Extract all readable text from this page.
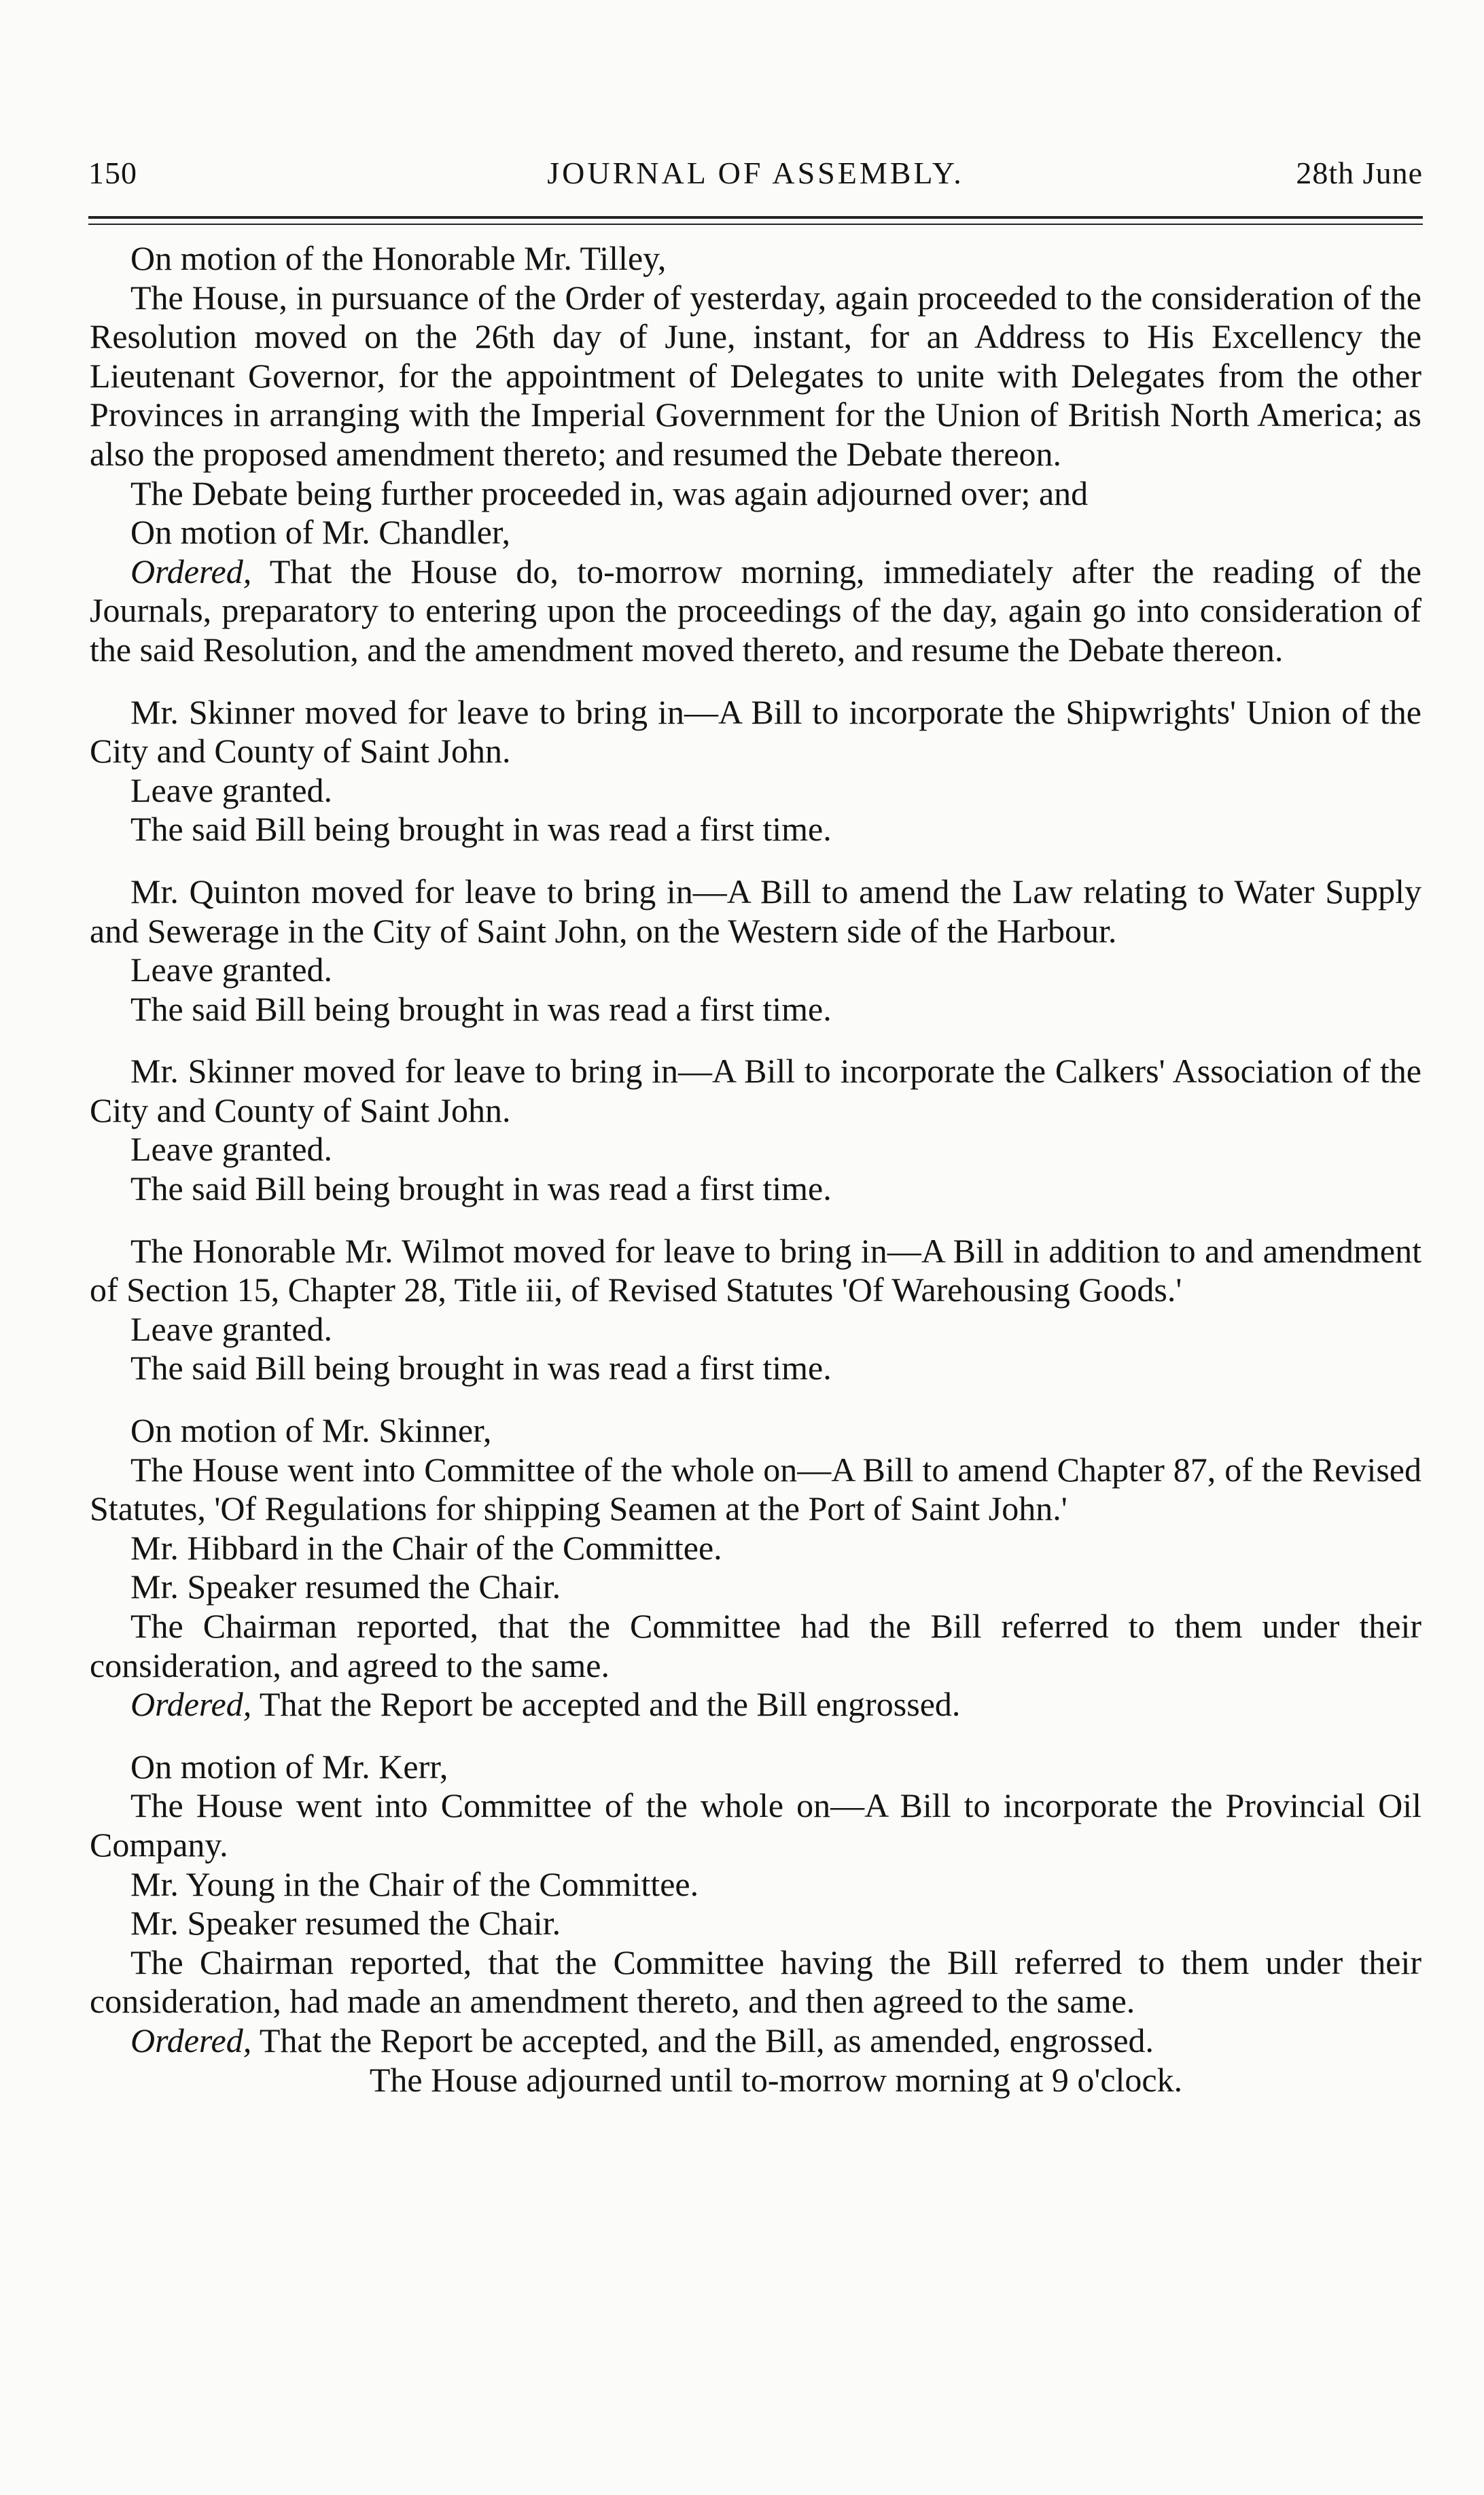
150	JOURNAL OF ASSEMBLY.	28th June

On motion of the Honorable Mr. Tilley,

The House, in pursuance of the Order of yesterday, again proceeded to the consideration of the Resolution moved on the 26th day of June, instant, for an Address to His Excellency the Lieutenant Governor, for the appointment of Delegates to unite with Delegates from the other Provinces in arranging with the Imperial Government for the Union of British North America; as also the proposed amendment thereto; and resumed the Debate thereon.

The Debate being further proceeded in, was again adjourned over; and

On motion of Mr. Chandler,

Ordered, That the House do, to-morrow morning, immediately after the reading of the Journals, preparatory to entering upon the proceedings of the day, again go into consideration of the said Resolution, and the amendment moved thereto, and resume the Debate thereon.

Mr. Skinner moved for leave to bring in—A Bill to incorporate the Shipwrights' Union of the City and County of Saint John.

Leave granted.

The said Bill being brought in was read a first time.

Mr. Quinton moved for leave to bring in—A Bill to amend the Law relating to Water Supply and Sewerage in the City of Saint John, on the Western side of the Harbour.

Leave granted.

The said Bill being brought in was read a first time.

Mr. Skinner moved for leave to bring in—A Bill to incorporate the Calkers' Association of the City and County of Saint John.

Leave granted.

The said Bill being brought in was read a first time.

The Honorable Mr. Wilmot moved for leave to bring in—A Bill in addition to and amendment of Section 15, Chapter 28, Title iii, of Revised Statutes 'Of Warehousing Goods.'

Leave granted.

The said Bill being brought in was read a first time.

On motion of Mr. Skinner,

The House went into Committee of the whole on—A Bill to amend Chapter 87, of the Revised Statutes, 'Of Regulations for shipping Seamen at the Port of Saint John.'

Mr. Hibbard in the Chair of the Committee.

Mr. Speaker resumed the Chair.

The Chairman reported, that the Committee had the Bill referred to them under their consideration, and agreed to the same.

Ordered, That the Report be accepted and the Bill engrossed.

On motion of Mr. Kerr,

The House went into Committee of the whole on—A Bill to incorporate the Provincial Oil Company.

Mr. Young in the Chair of the Committee.

Mr. Speaker resumed the Chair.

The Chairman reported, that the Committee having the Bill referred to them under their consideration, had made an amendment thereto, and then agreed to the same.

Ordered, That the Report be accepted, and the Bill, as amended, engrossed.

The House adjourned until to-morrow morning at 9 o'clock.
